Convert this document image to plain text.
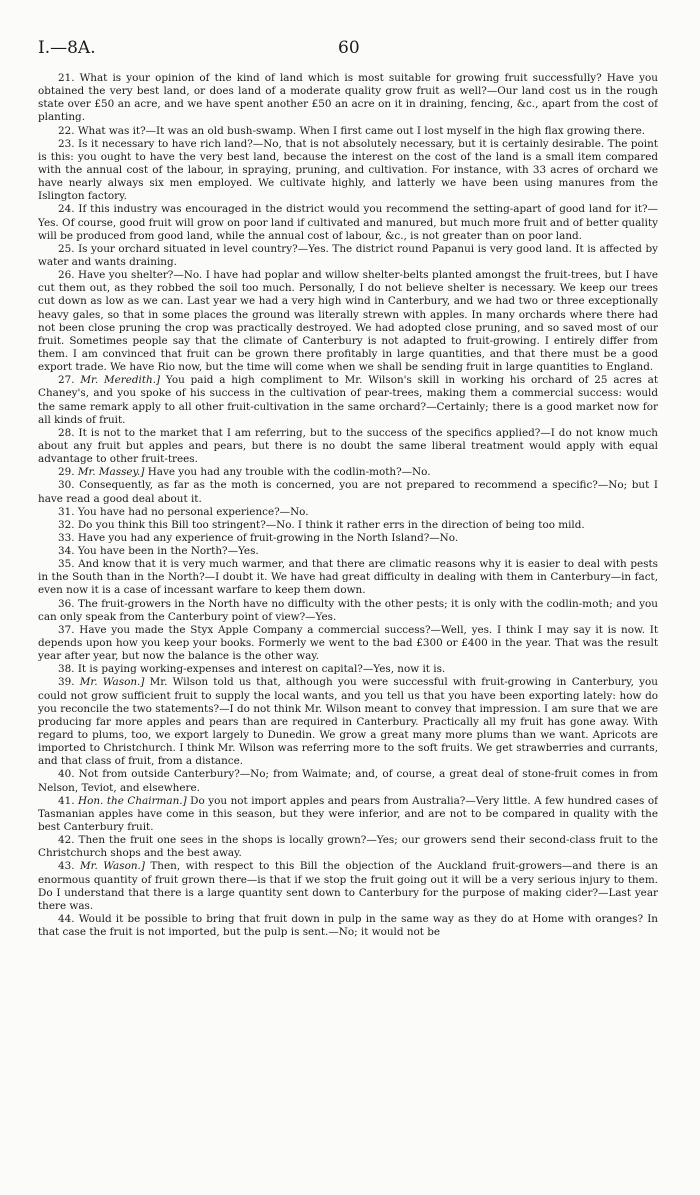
I.—8A.	60

21. What is your opinion of the kind of land which is most suitable for growing fruit successfully? Have you obtained the very best land, or does land of a moderate quality grow fruit as well?—Our land cost us in the rough state over £50 an acre, and we have spent another £50 an acre on it in draining, fencing, &c., apart from the cost of planting.

22. What was it?—It was an old bush-swamp. When I first came out I lost myself in the high flax growing there.

23. Is it necessary to have rich land?—No, that is not absolutely necessary, but it is certainly desirable. The point is this: you ought to have the very best land, because the interest on the cost of the land is a small item compared with the annual cost of the labour, in spraying, pruning, and cultivation. For instance, with 33 acres of orchard we have nearly always six men employed. We cultivate highly, and latterly we have been using manures from the Islington factory.

24. If this industry was encouraged in the district would you recommend the setting-apart of good land for it?—Yes. Of course, good fruit will grow on poor land if cultivated and manured, but much more fruit and of better quality will be produced from good land, while the annual cost of labour, &c., is not greater than on poor land.

25. Is your orchard situated in level country?—Yes. The district round Papanui is very good land. It is affected by water and wants draining.

26. Have you shelter?—No. I have had poplar and willow shelter-belts planted amongst the fruit-trees, but I have cut them out, as they robbed the soil too much. Personally, I do not believe shelter is necessary. We keep our trees cut down as low as we can. Last year we had a very high wind in Canterbury, and we had two or three exceptionally heavy gales, so that in some places the ground was literally strewn with apples. In many orchards where there had not been close pruning the crop was practically destroyed. We had adopted close pruning, and so saved most of our fruit. Sometimes people say that the climate of Canterbury is not adapted to fruit-growing. I entirely differ from them. I am convinced that fruit can be grown there profitably in large quantities, and that there must be a good export trade. We have Rio now, but the time will come when we shall be sending fruit in large quantities to England.

27. Mr. Meredith.] You paid a high compliment to Mr. Wilson's skill in working his orchard of 25 acres at Chaney's, and you spoke of his success in the cultivation of pear-trees, making them a commercial success: would the same remark apply to all other fruit-cultivation in the same orchard?—Certainly; there is a good market now for all kinds of fruit.

28. It is not to the market that I am referring, but to the success of the specifics applied?—I do not know much about any fruit but apples and pears, but there is no doubt the same liberal treatment would apply with equal advantage to other fruit-trees.

29. Mr. Massey.] Have you had any trouble with the codlin-moth?—No.

30. Consequently, as far as the moth is concerned, you are not prepared to recommend a specific?—No; but I have read a good deal about it.

31. You have had no personal experience?—No.

32. Do you think this Bill too stringent?—No. I think it rather errs in the direction of being too mild.

33. Have you had any experience of fruit-growing in the North Island?—No.

34. You have been in the North?—Yes.

35. And know that it is very much warmer, and that there are climatic reasons why it is easier to deal with pests in the South than in the North?—I doubt it. We have had great difficulty in dealing with them in Canterbury—in fact, even now it is a case of incessant warfare to keep them down.

36. The fruit-growers in the North have no difficulty with the other pests; it is only with the codlin-moth; and you can only speak from the Canterbury point of view?—Yes.

37. Have you made the Styx Apple Company a commercial success?—Well, yes. I think I may say it is now. It depends upon how you keep your books. Formerly we went to the bad £300 or £400 in the year. That was the result year after year, but now the balance is the other way.

38. It is paying working-expenses and interest on capital?—Yes, now it is.

39. Mr. Wason.] Mr. Wilson told us that, although you were successful with fruit-growing in Canterbury, you could not grow sufficient fruit to supply the local wants, and you tell us that you have been exporting lately: how do you reconcile the two statements?—I do not think Mr. Wilson meant to convey that impression. I am sure that we are producing far more apples and pears than are required in Canterbury. Practically all my fruit has gone away. With regard to plums, too, we export largely to Dunedin. We grow a great many more plums than we want. Apricots are imported to Christchurch. I think Mr. Wilson was referring more to the soft fruits. We get strawberries and currants, and that class of fruit, from a distance.

40. Not from outside Canterbury?—No; from Waimate; and, of course, a great deal of stone-fruit comes in from Nelson, Teviot, and elsewhere.

41. Hon. the Chairman.] Do you not import apples and pears from Australia?—Very little. A few hundred cases of Tasmanian apples have come in this season, but they were inferior, and are not to be compared in quality with the best Canterbury fruit.

42. Then the fruit one sees in the shops is locally grown?—Yes; our growers send their second-class fruit to the Christchurch shops and the best away.

43. Mr. Wason.] Then, with respect to this Bill the objection of the Auckland fruit-growers—and there is an enormous quantity of fruit grown there—is that if we stop the fruit going out it will be a very serious injury to them. Do I understand that there is a large quantity sent down to Canterbury for the purpose of making cider?—Last year there was.

44. Would it be possible to bring that fruit down in pulp in the same way as they do at Home with oranges? In that case the fruit is not imported, but the pulp is sent.—No; it would not be
